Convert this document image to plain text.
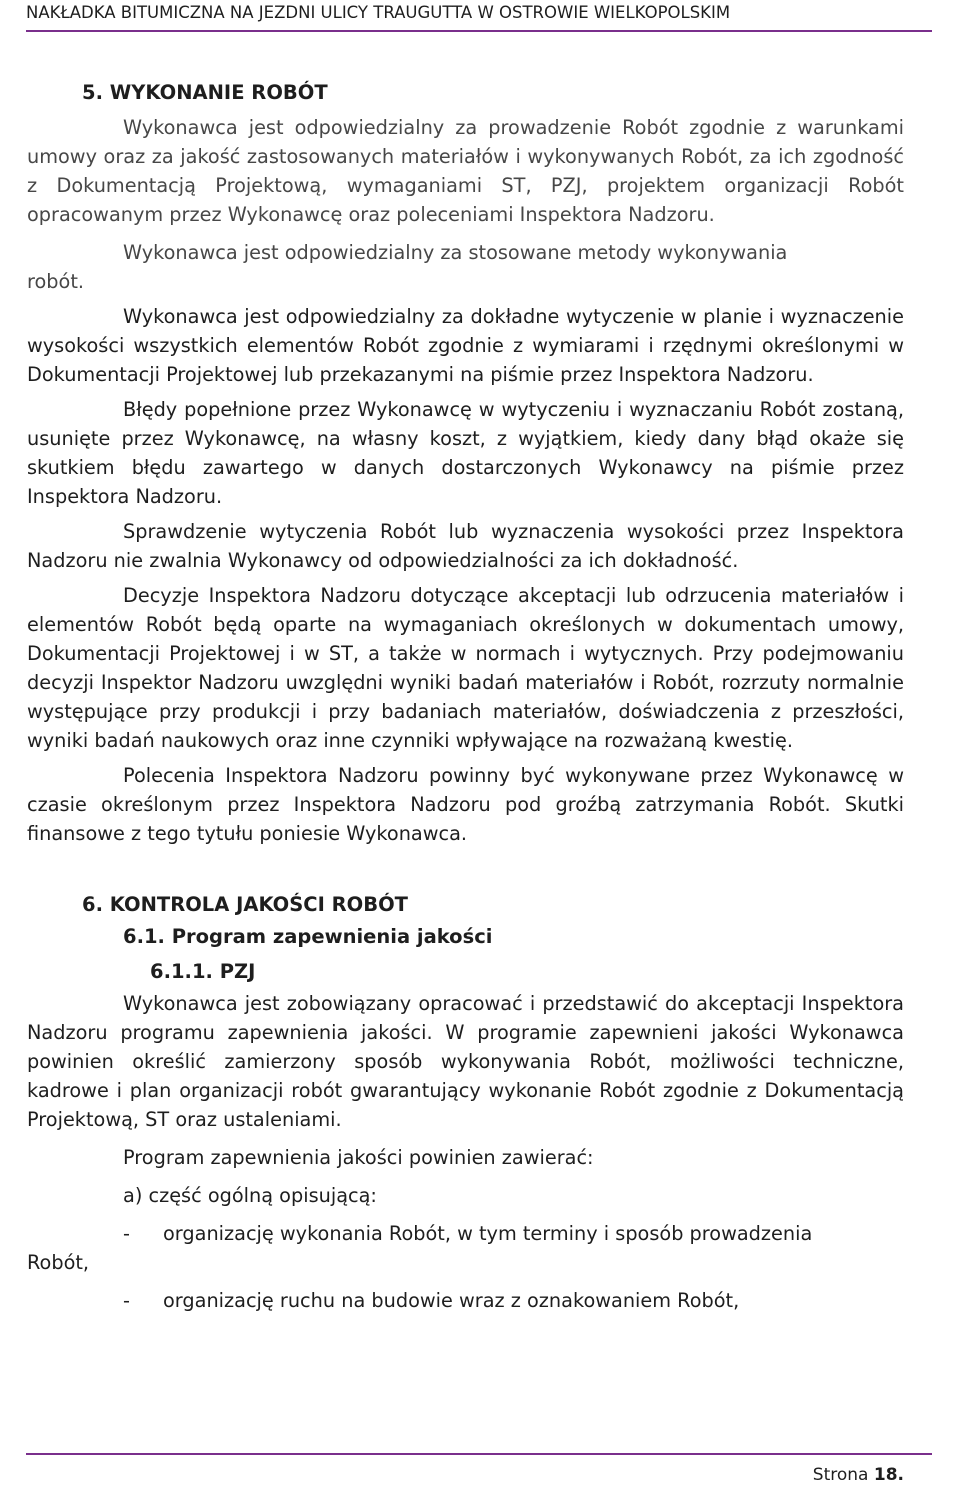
NAKŁADKA BITUMICZNA NA JEZDNI ULICY TRAUGUTTA W OSTROWIE WIELKOPOLSKIM

5. WYKONANIE ROBÓT

Wykonawca jest odpowiedzialny za prowadzenie Robót zgodnie z warunkami umowy oraz za jakość zastosowanych materiałów i wykonywanych Robót, za ich zgodność z Dokumentacją Projektową, wymaganiami ST, PZJ, projektem organizacji Robót opracowanym przez Wykonawcę oraz poleceniami Inspektora Nadzoru.

Wykonawca jest odpowiedzialny za stosowane metody wykonywania

robót.

Wykonawca jest odpowiedzialny za dokładne wytyczenie w planie i wyznaczenie wysokości wszystkich elementów Robót zgodnie z wymiarami i rzędnymi określonymi w Dokumentacji Projektowej lub przekazanymi na piśmie przez Inspektora Nadzoru.

Błędy popełnione przez Wykonawcę w wytyczeniu i wyznaczaniu Robót zostaną, usunięte przez Wykonawcę, na własny koszt, z wyjątkiem, kiedy dany błąd okaże się skutkiem błędu zawartego w danych dostarczonych Wykonawcy na piśmie przez Inspektora Nadzoru.

Sprawdzenie wytyczenia Robót lub wyznaczenia wysokości przez Inspektora Nadzoru nie zwalnia Wykonawcy od odpowiedzialności za ich dokładność.

Decyzje Inspektora Nadzoru dotyczące akceptacji lub odrzucenia materiałów i elementów Robót będą oparte na wymaganiach określonych w dokumentach umowy, Dokumentacji Projektowej i w ST, a także w normach i wytycznych. Przy podejmowaniu decyzji Inspektor Nadzoru uwzględni wyniki badań materiałów i Robót, rozrzuty normalnie występujące przy produkcji i przy badaniach materiałów, doświadczenia z przeszłości, wyniki badań naukowych oraz inne czynniki wpływające na rozważaną kwestię.

Polecenia Inspektora Nadzoru powinny być wykonywane przez Wykonawcę w czasie określonym przez Inspektora Nadzoru pod groźbą zatrzymania Robót. Skutki finansowe z tego tytułu poniesie Wykonawca.

6. KONTROLA JAKOŚCI ROBÓT

6.1. Program zapewnienia jakości

6.1.1. PZJ

Wykonawca jest zobowiązany opracować i przedstawić do akceptacji Inspektora Nadzoru programu zapewnienia jakości. W programie zapewnieni jakości Wykonawca powinien określić zamierzony sposób wykonywania Robót, możliwości techniczne, kadrowe i plan organizacji robót gwarantujący wykonanie Robót zgodnie z Dokumentacją Projektową, ST oraz ustaleniami.

Program zapewnienia jakości powinien zawierać:

a) część ogólną opisującą:

-	organizację wykonania Robót, w tym terminy i sposób prowadzenia

Robót,

-	organizację ruchu na budowie wraz z oznakowaniem Robót,
Strona 18.
